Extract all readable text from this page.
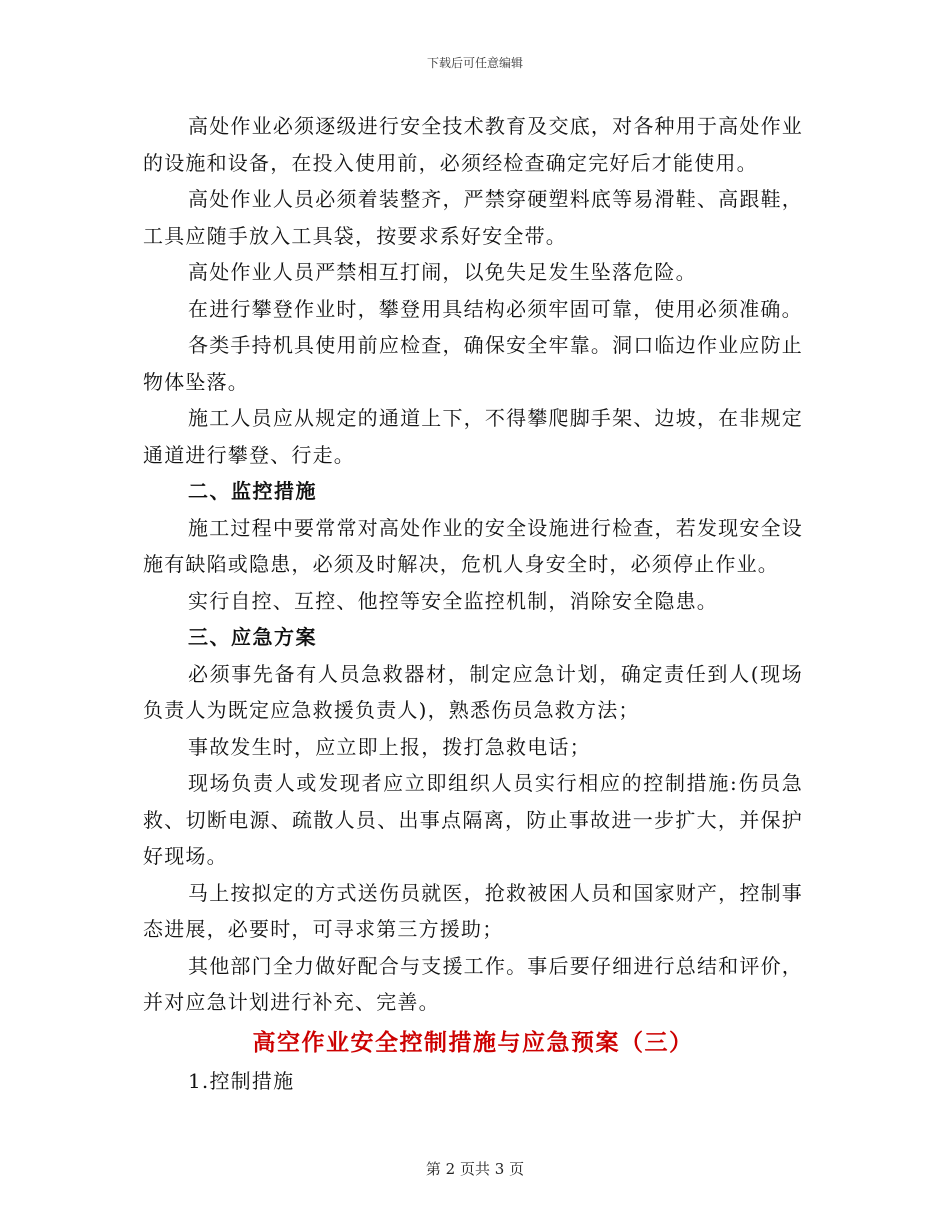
下载后可任意编辑

高处作业必须逐级进行安全技术教育及交底，对各种用于高处作业的设施和设备，在投入使用前，必须经检查确定完好后才能使用。

高处作业人员必须着装整齐，严禁穿硬塑料底等易滑鞋、高跟鞋，工具应随手放入工具袋，按要求系好安全带。

高处作业人员严禁相互打闹，以免失足发生坠落危险。

在进行攀登作业时，攀登用具结构必须牢固可靠，使用必须准确。

各类手持机具使用前应检查，确保安全牢靠。洞口临边作业应防止物体坠落。

施工人员应从规定的通道上下，不得攀爬脚手架、边坡，在非规定通道进行攀登、行走。

二、监控措施

施工过程中要常常对高处作业的安全设施进行检查，若发现安全设施有缺陷或隐患，必须及时解决，危机人身安全时，必须停止作业。

实行自控、互控、他控等安全监控机制，消除安全隐患。

三、应急方案

必须事先备有人员急救器材，制定应急计划，确定责任到人(现场负责人为既定应急救援负责人)，熟悉伤员急救方法；

事故发生时，应立即上报，拨打急救电话；

现场负责人或发现者应立即组织人员实行相应的控制措施:伤员急救、切断电源、疏散人员、出事点隔离，防止事故进一步扩大，并保护好现场。

马上按拟定的方式送伤员就医，抢救被困人员和国家财产，控制事态进展，必要时，可寻求第三方援助；

其他部门全力做好配合与支援工作。事后要仔细进行总结和评价，并对应急计划进行补充、完善。

高空作业安全控制措施与应急预案（三）

1.控制措施

第 2 页共 3 页
